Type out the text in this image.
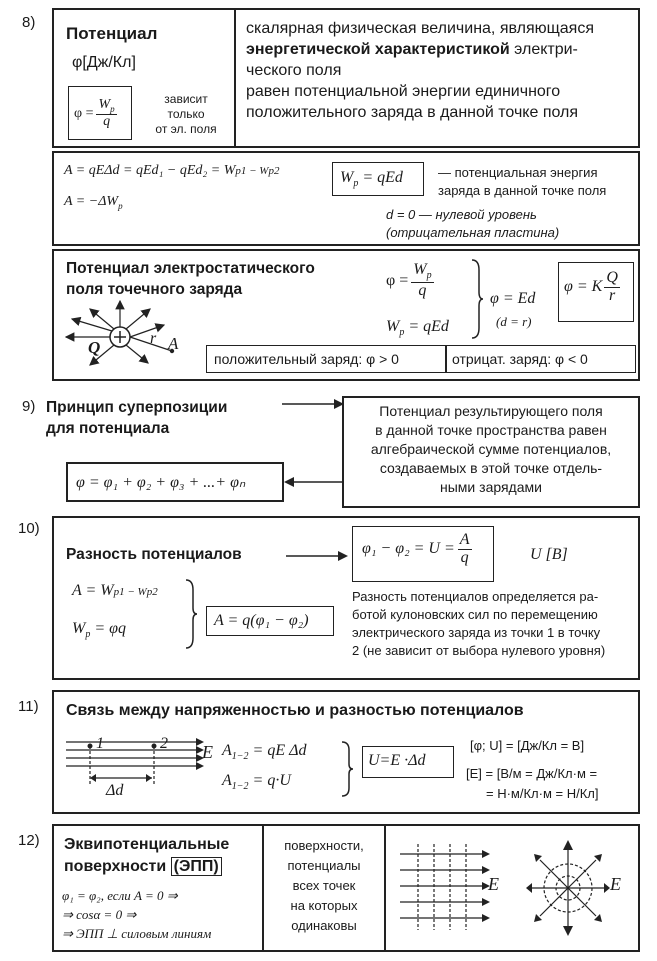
8)
Потенциал
φ[Дж/Кл]
$\varphi = \frac{W_p}{q}$	зависит
только
от эл. поля
скалярная физическая величина, являющаяся
энергетической характеристикой электри-
ческого поля
равен потенциальной энергии единичного
положительного заряда в данной точке поля
A = qEΔd = qEd₁ − qEd₂ = Wp1 − Wp2
$A = -\Delta W_p$
$W_p$ = qEd	— потенциальная энергия
заряда в данной точке поля
d = 0 — нулевой уровень
(отрицательная пластина)
Потенциал электростатического
поля точечного заряда
Q	r A
$\varphi = \frac{W_p}{q}$
$W_p$ = qEd
φ = Ed
(d = r)
φ = K $\frac{Q}{r}$
положительный заряд: φ > 0	отрицат. заряд: φ < 0
9) Принцип суперпозиции
для потенциала
Потенциал результирующего поля
в данной точке пространства равен
алгебраической сумме потенциалов,
создаваемых в этой точке отдель-
ными зарядами
φ = φ₁ + φ₂ + φ₃ + ...+ φₙ
10)
Разность потенциалов	$\varphi_1 - \varphi_2 = U = \frac{A}{q}$	U [В]
A = Wp1 − Wp2
$W_p = \varphi q$	A = q(φ₁ − φ₂)
Разность потенциалов определяется ра-
ботой кулоновских сил по перемещению
электрического заряда из точки 1 в точку
2 (не зависит от выбора нулевого уровня)
11) Связь между напряженностью и разностью потенциалов
1	2 E
Δd
$A_{1-2}$ = qE Δd
$A_{1-2} = q\cdot U$
U=E ·Δd
[φ; U] = [Дж/Кл = В]
[E] = [В/м = Дж/Кл·м =
= Н·м/Кл·м = Н/Кл]
12) Эквипотенциальные
поверхности (ЭПП)
φ₁ = φ₂, если A = 0 ⇒
⇒ cosα = 0 ⇒
⇒ ЭПП ⊥ силовым линиям
поверхности,
потенциалы
всех точек
на которых
одинаковы
E	E
